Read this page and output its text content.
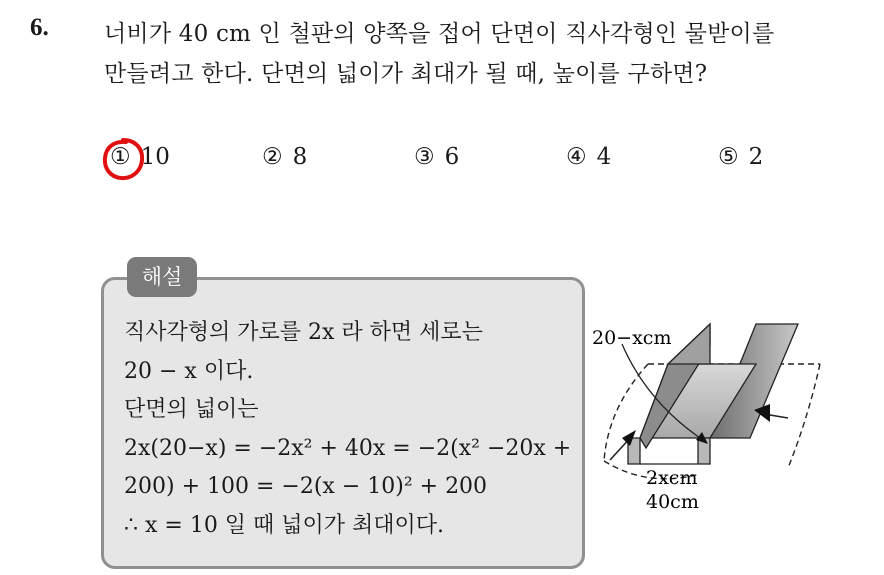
6. 너비가 40 cm 인 철판의 양쪽을 접어 단면이 직사각형인 물받이를
만들려고 한다. 단면의 넓이가 최대가 될 때, 높이를 구하면?
① 10	② 8	③ 6	④ 4	⑤ 2
해설
직사각형의 가로를 2x 라 하면 세로는
20 − x 이다.
단면의 넓이는
2x(20−x) = −2x² + 40x = −2(x² −20x +
200) + 100 = −2(x − 10)² + 200
∴ x = 10 일 때 넓이가 최대이다.
20−xcm
2xcm
40cm
